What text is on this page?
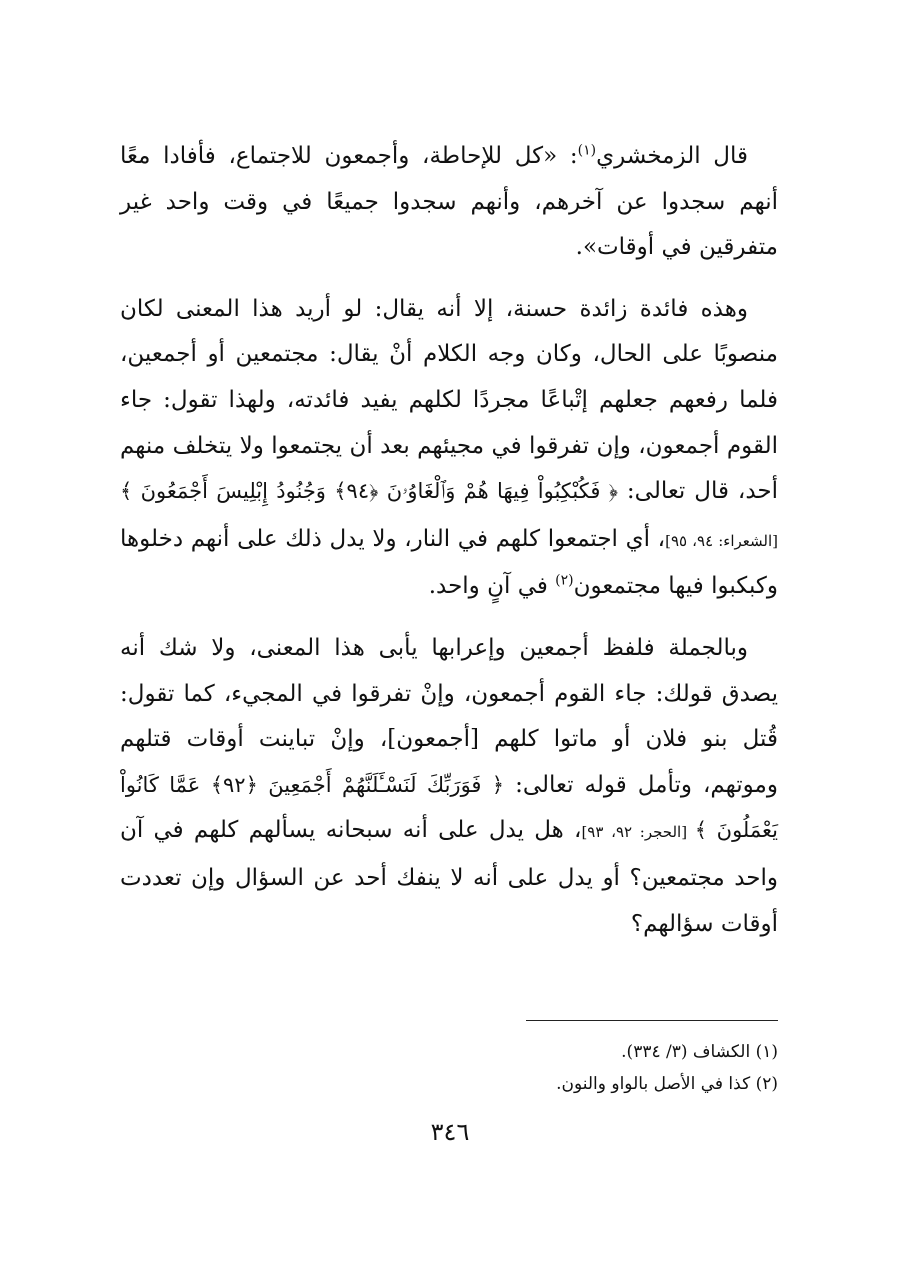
قال الزمخشري$^{(١)}$: «كل للإحاطة، وأجمعون للاجتماع، فأفادا معًا أنهم سجدوا عن آخرهم، وأنهم سجدوا جميعًا في وقت واحد غير متفرقين في أوقات».

وهذه فائدة زائدة حسنة، إلا أنه يقال: لو أريد هذا المعنى لكان منصوبًا على الحال، وكان وجه الكلام أنْ يقال: مجتمعين أو أجمعين، فلما رفعهم جعلهم إتْباعًا مجردًا لكلهم يفيد فائدته، ولهذا تقول: جاء القوم أجمعون، وإن تفرقوا في مجيئهم بعد أن يجتمعوا ولا يتخلف منهم أحد، قال تعالى: ﴿ فَكُبْكِبُواْ فِيهَا هُمْ وَٱلْغَاوُۥنَ ﴿٩٤﴾ وَجُنُودُ إِبْلِيسَ أَجْمَعُونَ ﴾ [الشعراء: ٩٤، ٩٥]، أي اجتمعوا كلهم في النار، ولا يدل ذلك على أنهم دخلوها وكبكبوا فيها مجتمعون$^{(٢)}$ في آنٍ واحد.

وبالجملة فلفظ أجمعين وإعرابها يأبى هذا المعنى، ولا شك أنه يصدق قولك: جاء القوم أجمعون، وإنْ تفرقوا في المجيء، كما تقول: قُتل بنو فلان أو ماتوا كلهم [أجمعون]، وإنْ تباينت أوقات قتلهم وموتهم، وتأمل قوله تعالى: ﴿ فَوَرَبِّكَ لَنَسْـَٔلَنَّهُمْ أَجْمَعِينَ ﴿٩٢﴾ عَمَّا كَانُواْ يَعْمَلُونَ ﴾ [الحجر: ٩٢، ٩٣]، هل يدل على أنه سبحانه يسألهم كلهم في آن واحد مجتمعين؟ أو يدل على أنه لا ينفك أحد عن السؤال وإن تعددت أوقات سؤالهم؟

(١) الكشاف (٣/ ٣٣٤).
(٢) كذا في الأصل بالواو والنون.
٣٤٦
